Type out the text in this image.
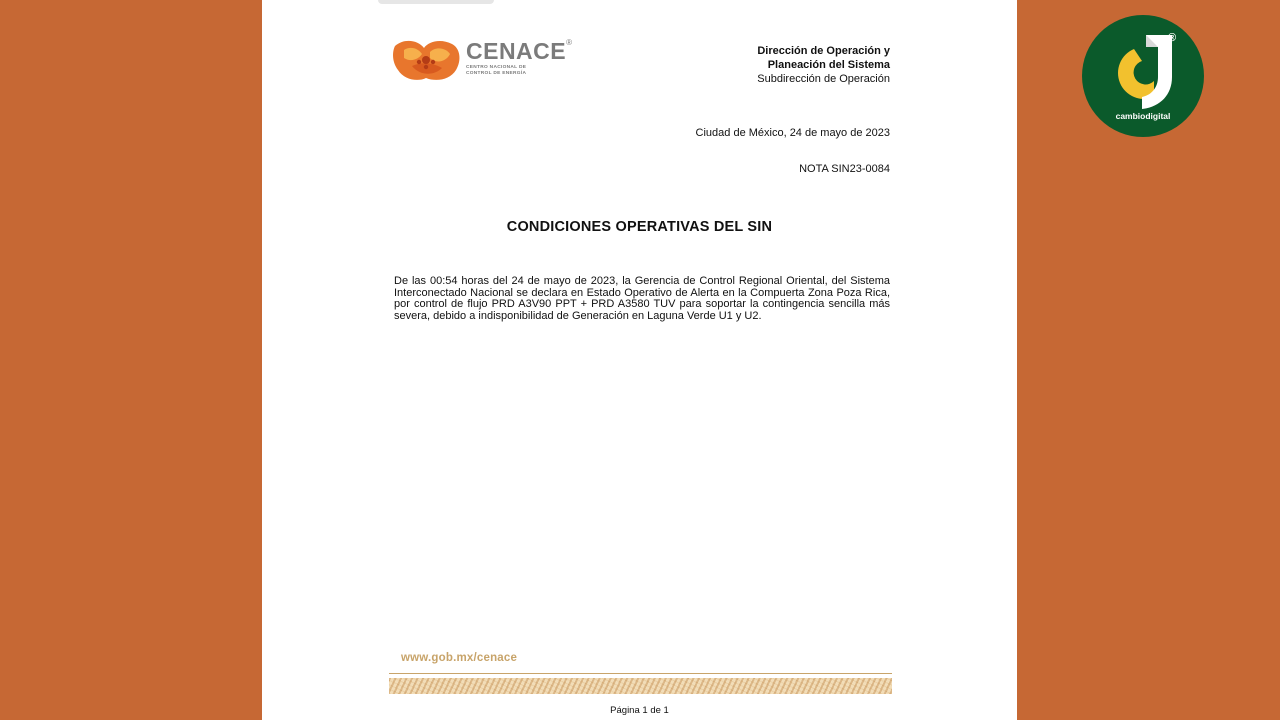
CENACE®
CENTRO NACIONAL DE
CONTROL DE ENERGÍA
Dirección de Operación y
Planeación del Sistema
Subdirección de Operación
Ciudad de México, 24 de mayo de 2023
NOTA SIN23-0084
CONDICIONES OPERATIVAS DEL SIN
De las 00:54 horas del 24 de mayo de 2023, la Gerencia de Control Regional Oriental, del Sistema Interconectado Nacional se declara en Estado Operativo de Alerta en la Compuerta Zona Poza Rica, por control de flujo PRD A3V90 PPT + PRD A3580 TUV para soportar la contingencia sencilla más severa, debido a indisponibilidad de Generación en Laguna Verde U1 y U2.
www.gob.mx/cenace
Página 1 de 1
cambiodigital
®
